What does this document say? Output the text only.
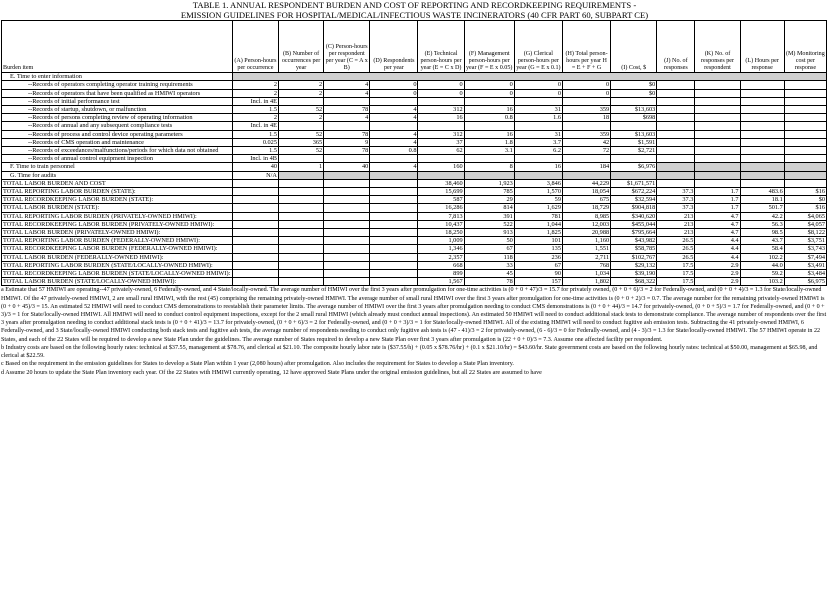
TABLE 1. ANNUAL RESPONDENT BURDEN AND COST OF REPORTING AND RECORDKEEPING REQUIREMENTS -
EMISSION GUIDELINES FOR HOSPITAL/MEDICAL/INFECTIOUS WASTE INCINERATORS (40 CFR PART 60, SUBPART CE)
Burden item	(A) Person-hours per occurrence	(B) Number of occurrences per year	(C) Person-hours per respondent per year (C = A x B)	(D) Respondents per year	(E) Technical person-hours per year (E = C x D)	(F) Management person-hours per year (F = E x 0.05)	(G) Clerical person-hours per year (G = E x 0.1)	(H) Total person-hours per year H = E + F + G	(I) Cost, $	(J) No. of responses	(K) No. of responses per respondent	(L) Hours per response	(M) Monitoring cost per response
E. Time to enter information													
--Records of operators completing operator training requirements	2	2	4	0	0	0	0	0	$0				
--Records of operators that have been qualified as HMIWI operators	2	2	4	0	0	0	0	0	$0				
--Records of initial performance test	Incl. in 4E												
--Records of startup, shutdown, or malfunction	1.5	52	78	4	312	16	31	359	$13,603				
--Records of persons completing review of operating information	2	2	4	4	16	0.8	1.6	18	$698				
--Records of annual and any subsequent compliance tests	Incl. in 4E												
--Records of process and control device operating parameters	1.5	52	78	4	312	16	31	359	$13,603				
--Records of CMS operation and maintenance	0.025	365	9	4	37	1.8	3.7	42	$1,591				
--Records of exceedances/malfunctions/periods for which data not obtained	1.5	52	78	0.8	62	3.1	6.2	72	$2,721				
--Records of annual control equipment inspection	Incl. in 4B												
F. Time to train personnel	40	1	40	4	160	8	16	184	$6,976				
G. Time for audits	N/A												
TOTAL LABOR BURDEN AND COST					38,460	1,923	3,846	44,229	$1,671,571				
TOTAL REPORTING LABOR BURDEN (STATE):					15,699	785	1,570	18,054	$672,224	37.3	1.7	483.6	$16
TOTAL RECORDKEEPING LABOR BURDEN (STATE):					587	29	59	675	$32,594	37.3	1.7	18.1	$0
TOTAL LABOR BURDEN (STATE):					16,286	814	1,629	18,729	$904,818	37.3	1.7	501.7	$16
TOTAL REPORTING LABOR BURDEN (PRIVATELY-OWNED HMIWI):					7,813	391	781	8,985	$340,620	213	4.7	42.2	$4,065
TOTAL RECORDKEEPING LABOR BURDEN (PRIVATELY-OWNED HMIWI):					10,437	522	1,044	12,003	$455,044	213	4.7	56.3	$4,057
TOTAL LABOR BURDEN (PRIVATELY-OWNED HMIWI):					18,250	913	1,825	20,988	$795,664	213	4.7	98.5	$8,122
TOTAL REPORTING LABOR BURDEN (FEDERALLY-OWNED HMIWI):					1,009	50	101	1,160	$43,982	26.5	4.4	43.7	$3,751
TOTAL RECORDKEEPING LABOR BURDEN (FEDERALLY-OWNED HMIWI):					1,346	67	135	1,551	$58,785	26.5	4.4	58.4	$3,743
TOTAL LABOR BURDEN (FEDERALLY-OWNED HMIWI):					2,357	118	236	2,711	$102,767	26.5	4.4	102.2	$7,494
TOTAL REPORTING LABOR BURDEN (STATE/LOCALLY-OWNED HMIWI):					668	33	67	768	$29,132	17.5	2.9	44.0	$3,491
TOTAL RECORDKEEPING LABOR BURDEN (STATE/LOCALLY-OWNED HMIWI):					899	45	90	1,034	$39,190	17.5	2.9	59.2	$3,484
TOTAL LABOR BURDEN (STATE/LOCALLY-OWNED HMIWI):					1,567	78	157	1,802	$68,322	17.5	2.9	103.2	$6,975

a Estimate that 57 HMIWI are operating--47 privately-owned, 6 Federally-owned, and 4 State/locally-owned. The average number of HMIWI over the first 3 years after promulgation for one-time activities is (0 + 0 + 47)/3 = 15.7 for privately owned, (0 + 0 + 6)/3 = 2 for Federally-owned, and (0 + 0 + 4)/3 = 1.3 for State/locally-owned HMIWI. Of the 47 privately-owned HMIWI, 2 are small rural HMIWI, with the rest (45) comprising the remaining privately-owned HMIWI. The average number of small rural HMIWI over the first 3 years after promulgation for one-time activities is (0 + 0 + 2)/3 = 0.7. The average number for the remaining privately-owned HMIWI is (0 + 0 + 45)/3 = 15. An estimated 52 HMIWI will need to conduct CMS demonstrations to reestablish their parameter limits. The average number of HMIWI over the first 3 years after promulgation needing to conduct CMS demonstrations is (0 + 0 + 44)/3 = 14.7 for privately-owned, (0 + 0 + 5)/3 = 1.7 for Federally-owned, and (0 + 0 + 3)/3 = 1 for State/locally-owned HMIWI. All HMIWI will need to conduct control equipment inspections, except for the 2 small rural HMIWI (which already must conduct annual inspections). An estimated 50 HMIWI will need to conduct additional stack tests to demonstrate compliance. The average number of respondents over the first 3 years after promulgation needing to conduct additional stack tests is (0 + 0 + 41)/3 = 13.7 for privately-owned, (0 + 0 + 6)/3 = 2 for Federally-owned, and (0 + 0 + 3)/3 = 1 for State/locally-owned HMIWI. All of the existing HMIWI will need to conduct fugitive ash emission tests. Subtracting the 41 privately-owned HMIWI, 6 Federally-owned, and 3 State/locally-owned HMIWI conducting both stack tests and fugitive ash tests, the average number of respondents needing to conduct only fugitive ash tests is (47 - 41)/3 = 2 for privately-owned, (6 - 6)/3 = 0 for Federally-owned, and (4 - 3)/3 = 1.3 for State/locally-owned HMIWI. The 57 HMIWI operate in 22 States, and each of the 22 States will be required to develop a new State Plan under the guidelines. The average number of States required to develop a new State Plan over first 3 years after promulgation is (22 + 0 + 0)/3 = 7.3. Assume one affected facility per respondent.

b Industry costs are based on the following hourly rates: technical at $37.55, management at $78.76, and clerical at $21.10. The composite hourly labor rate is ($37.55/h) + (0.05 x $78.76/hr) + (0.1 x $21.10/hr) = $43.60/hr. State government costs are based on the following hourly rates: technical at $50.00, management at $65.98, and clerical at $22.59.

c Based on the requirement in the emission guidelines for States to develop a State Plan within 1 year (2,080 hours) after promulgation. Also includes the requirement for States to develop a State Plan inventory.

d Assume 20 hours to update the State Plan inventory each year. Of the 22 States with HMIWI currently operating, 12 have approved State Plans under the original emission guidelines, but all 22 States are assumed to have
